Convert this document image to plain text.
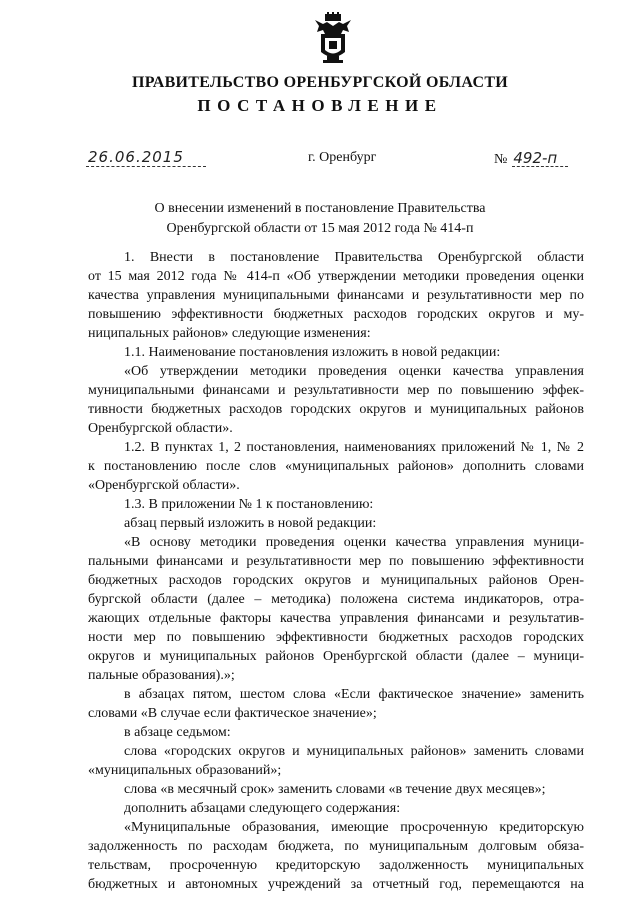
ПРАВИТЕЛЬСТВО ОРЕНБУРГСКОЙ ОБЛАСТИ
ПОСТАНОВЛЕНИЕ
26.06.2015	г. Оренбург	№ 492-п
О внесении изменений в постановление Правительства
Оренбургской области от 15 мая 2012 года № 414-п

1. Внести в постановление Правительства Оренбургской области

от 15 мая 2012 года № 414-п «Об утверждении методики проведения оценки

качества управления муниципальными финансами и результативности мер по

повышению эффективности бюджетных расходов городских округов и му-

ниципальных районов» следующие изменения:

1.1. Наименование постановления изложить в новой редакции:

«Об утверждении методики проведения оценки качества управления

муниципальными финансами и результативности мер по повышению эффек-

тивности бюджетных расходов городских округов и муниципальных районов

Оренбургской области».

1.2. В пунктах 1, 2 постановления, наименованиях приложений № 1, № 2

к постановлению после слов «муниципальных районов» дополнить словами

«Оренбургской области».

1.3. В приложении № 1 к постановлению:

абзац первый изложить в новой редакции:

«В основу методики проведения оценки качества управления муници-

пальными финансами и результативности мер по повышению эффективности

бюджетных расходов городских округов и муниципальных районов Орен-

бургской области (далее – методика) положена система индикаторов, отра-

жающих отдельные факторы качества управления финансами и результатив-

ности мер по повышению эффективности бюджетных расходов городских

округов и муниципальных районов Оренбургской области (далее – муници-

пальные образования).»;

в абзацах пятом, шестом слова «Если фактическое значение» заменить

словами «В случае если фактическое значение»;

в абзаце седьмом:

слова «городских округов и муниципальных районов» заменить словами

«муниципальных образований»;

слова «в месячный срок» заменить словами «в течение двух месяцев»;

дополнить абзацами следующего содержания:

«Муниципальные образования, имеющие просроченную кредиторскую

задолженность по расходам бюджета, по муниципальным долговым обяза-

тельствам, просроченную кредиторскую задолженность муниципальных

бюджетных и автономных учреждений за отчетный год, перемещаются на
